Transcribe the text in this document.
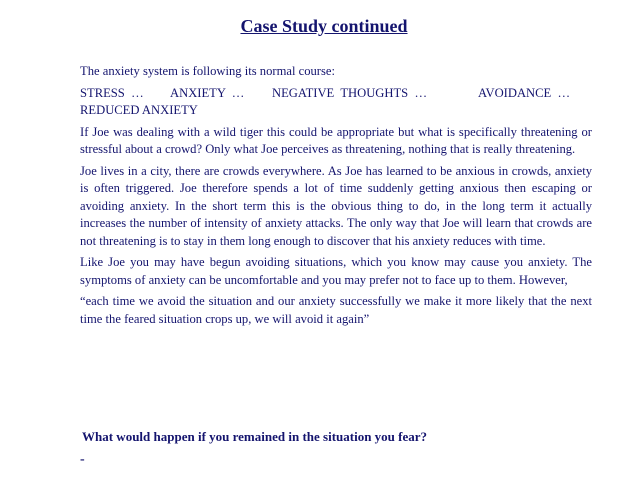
Case Study continued

The anxiety system is following its normal course:

STRESS  …	ANXIETY  …	NEGATIVE  THOUGHTS  …	AVOIDANCE  …
REDUCED ANXIETY

If Joe was dealing with a wild tiger this could be appropriate but what is specifically threatening or stressful about a crowd? Only what Joe perceives as threatening, nothing that is really threatening.

Joe lives in a city, there are crowds everywhere. As Joe has learned to be anxious in crowds, anxiety is often triggered. Joe therefore spends a lot of time suddenly getting anxious then escaping or avoiding anxiety. In the short term this is the obvious thing to do, in the long term it actually increases the number of intensity of anxiety attacks. The only way that Joe will learn that crowds are not threatening is to stay in them long enough to discover that his anxiety reduces with time.

Like Joe you may have begun avoiding situations, which you know may cause you anxiety. The symptoms of anxiety can be uncomfortable and you may prefer not to face up to them. However,

“each time we avoid the situation and our anxiety successfully we make it more likely that the next time the feared situation crops up, we will avoid it again”

What would happen if you remained in the situation you fear?
-
